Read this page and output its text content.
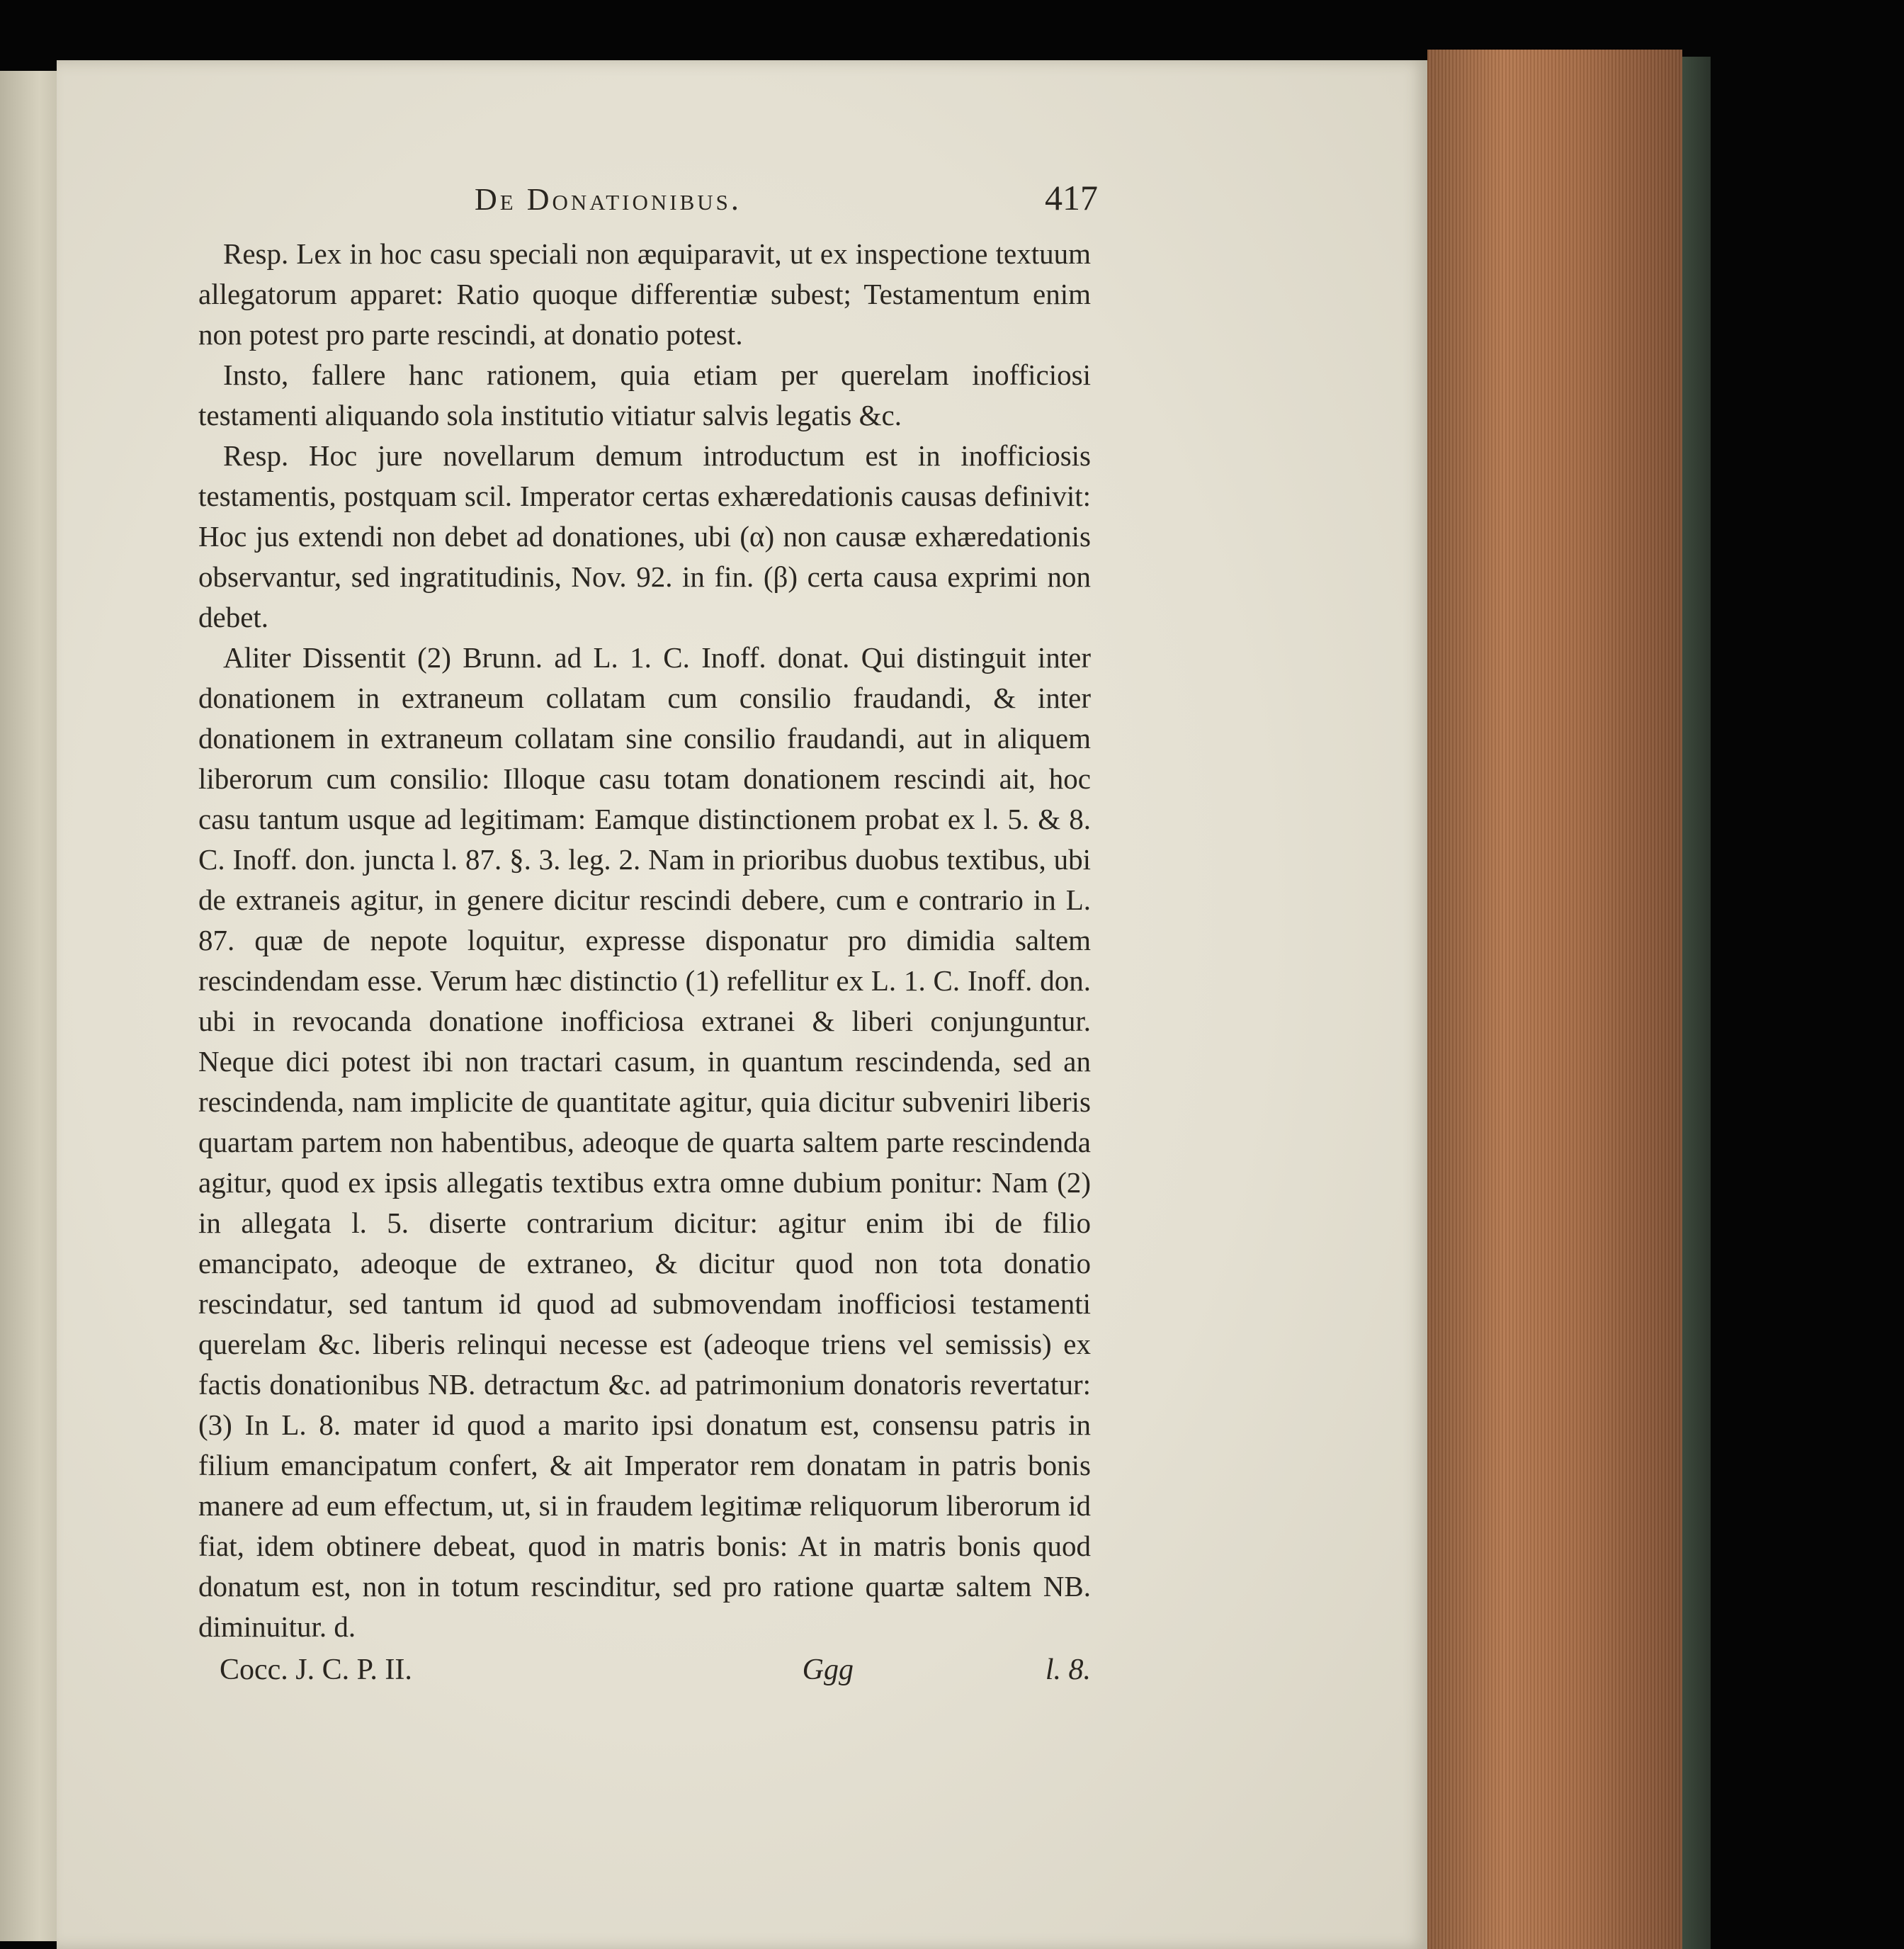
De Donationibus.	417

Resp. Lex in hoc casu speciali non æquiparavit, ut ex inspectione textuum allegatorum apparet: Ratio quoque differentiæ subest; Testamentum enim non potest pro parte rescindi, at donatio potest.

Insto, fallere hanc rationem, quia etiam per querelam inofficiosi testamenti aliquando sola institutio vitiatur salvis legatis &c.

Resp. Hoc jure novellarum demum introductum est in inofficiosis testamentis, postquam scil. Imperator certas exhæredationis causas definivit: Hoc jus extendi non debet ad donationes, ubi (α) non causæ exhæredationis observantur, sed ingratitudinis, Nov. 92. in fin. (β) certa causa exprimi non debet.

Aliter Dissentit (2) Brunn. ad L. 1. C. Inoff. donat. Qui distinguit inter donationem in extraneum collatam cum consilio fraudandi, & inter donationem in extraneum collatam sine consilio fraudandi, aut in aliquem liberorum cum consilio: Illoque casu totam donationem rescindi ait, hoc casu tantum usque ad legitimam: Eamque distinctionem probat ex l. 5. & 8. C. Inoff. don. juncta l. 87. §. 3. leg. 2. Nam in prioribus duobus textibus, ubi de extraneis agitur, in genere dicitur rescindi debere, cum e contrario in L. 87. quæ de nepote loquitur, expresse disponatur pro dimidia saltem rescindendam esse. Verum hæc distinctio (1) refellitur ex L. 1. C. Inoff. don. ubi in revocanda donatione inofficiosa extranei & liberi conjunguntur. Neque dici potest ibi non tractari casum, in quantum rescindenda, sed an rescindenda, nam implicite de quantitate agitur, quia dicitur subveniri liberis quartam partem non habentibus, adeoque de quarta saltem parte rescindenda agitur, quod ex ipsis allegatis textibus extra omne dubium ponitur: Nam (2) in allegata l. 5. diserte contrarium dicitur: agitur enim ibi de filio emancipato, adeoque de extraneo, & dicitur quod non tota donatio rescindatur, sed tantum id quod ad submovendam inofficiosi testamenti querelam &c. liberis relinqui necesse est (adeoque triens vel semissis) ex factis donationibus NB. detractum &c. ad patrimonium donatoris revertatur: (3) In L. 8. mater id quod a marito ipsi donatum est, consensu patris in filium emancipatum confert, & ait Imperator rem donatam in patris bonis manere ad eum effectum, ut, si in fraudem legitimæ reliquorum liberorum id fiat, idem obtinere debeat, quod in matris bonis: At in matris bonis quod donatum est, non in totum rescinditur, sed pro ratione quartæ saltem NB. diminuitur. d.

Cocc. J. C. P. II.	Ggg	l. 8.
